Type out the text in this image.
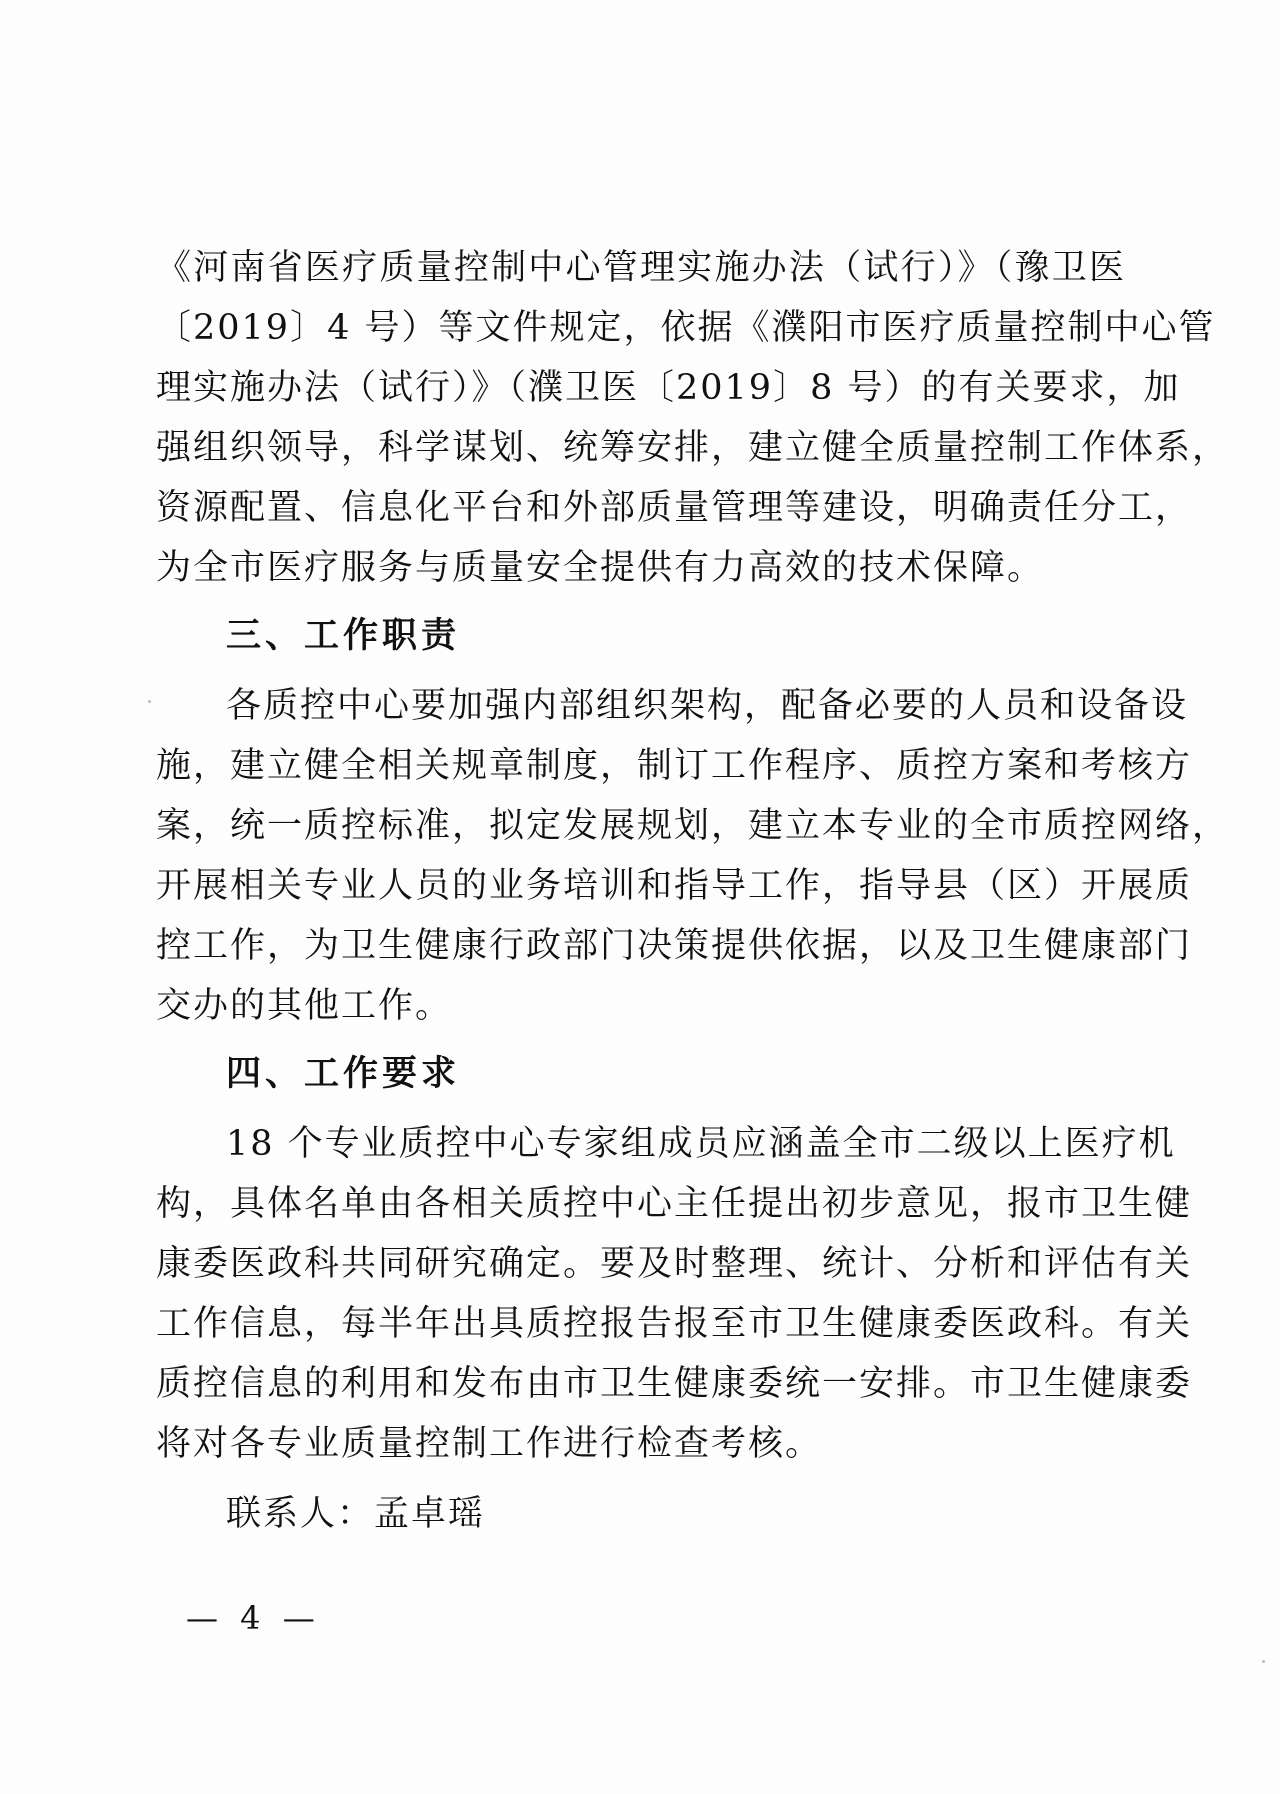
《河南省医疗质量控制中心管理实施办法（试行）》（豫卫医
〔2019〕4 号）等文件规定，依据《濮阳市医疗质量控制中心管
理实施办法（试行）》（濮卫医〔2019〕8 号）的有关要求，加
强组织领导，科学谋划、统筹安排，建立健全质量控制工作体系，
资源配置、信息化平台和外部质量管理等建设，明确责任分工，
为全市医疗服务与质量安全提供有力高效的技术保障。
三、工作职责
各质控中心要加强内部组织架构，配备必要的人员和设备设
施，建立健全相关规章制度，制订工作程序、质控方案和考核方
案，统一质控标准，拟定发展规划，建立本专业的全市质控网络，
开展相关专业人员的业务培训和指导工作，指导县（区）开展质
控工作，为卫生健康行政部门决策提供依据，以及卫生健康部门
交办的其他工作。
四、工作要求
18 个专业质控中心专家组成员应涵盖全市二级以上医疗机
构，具体名单由各相关质控中心主任提出初步意见，报市卫生健
康委医政科共同研究确定。要及时整理、统计、分析和评估有关
工作信息，每半年出具质控报告报至市卫生健康委医政科。有关
质控信息的利用和发布由市卫生健康委统一安排。市卫生健康委
将对各专业质量控制工作进行检查考核。
联系人：孟卓瑶
— 4 —
